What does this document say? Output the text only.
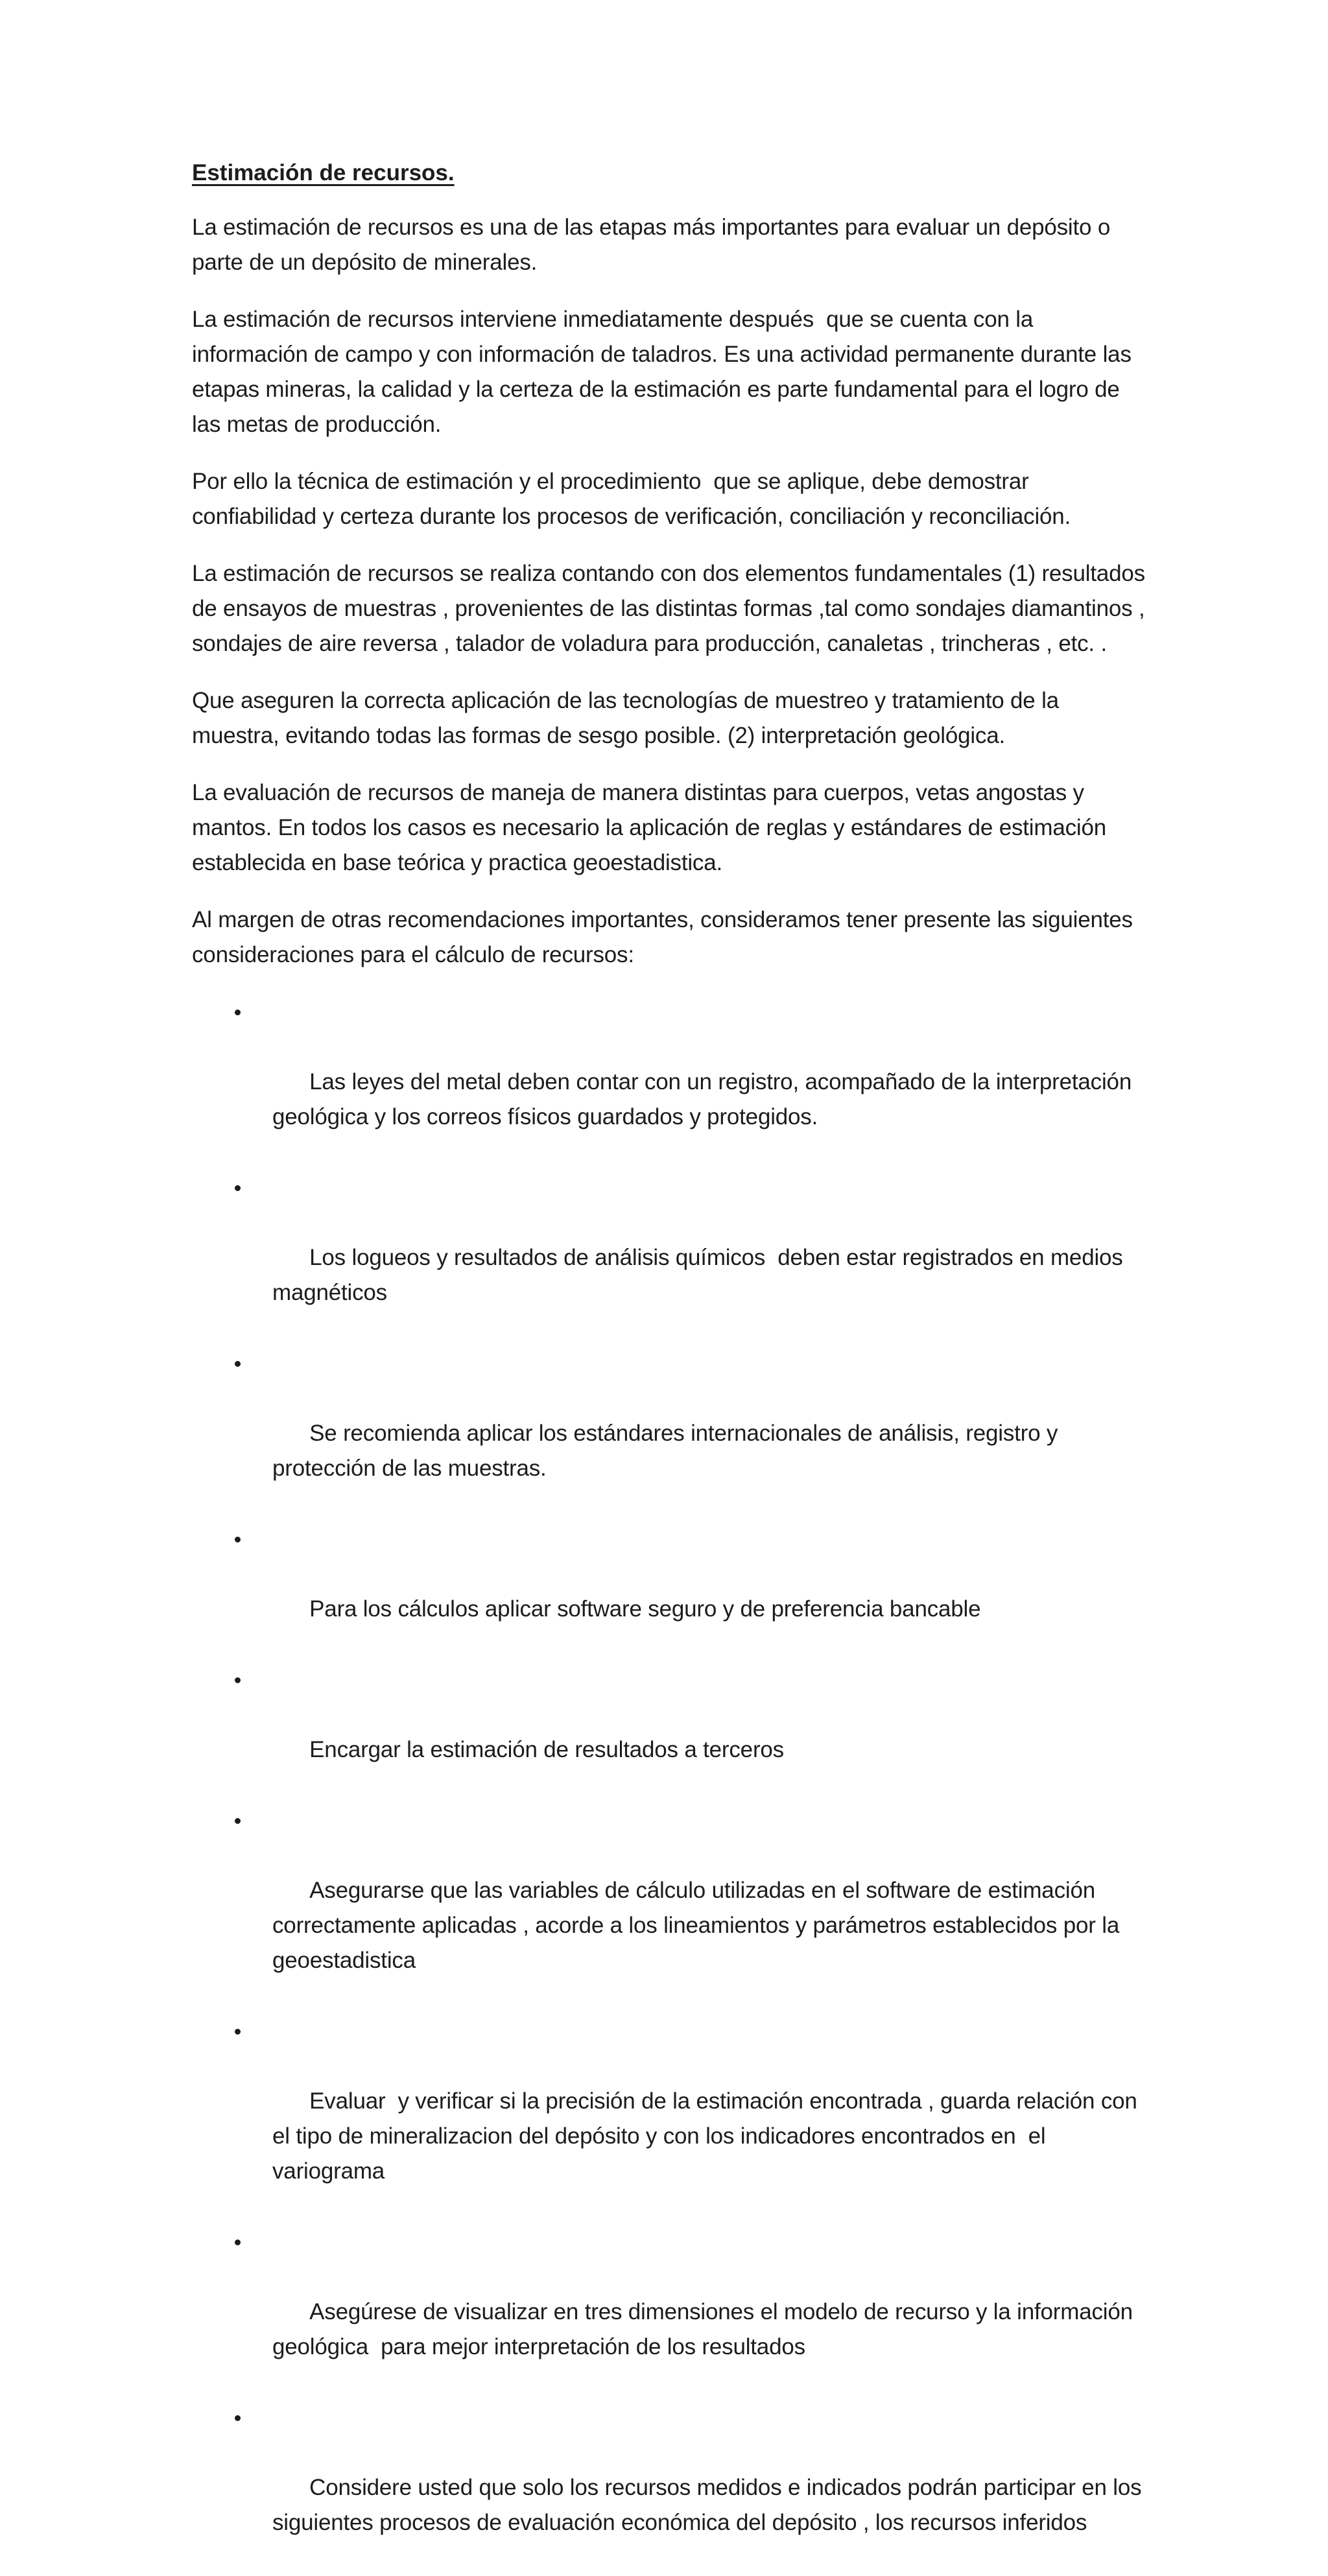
Estimación de recursos.

La estimación de recursos es una de las etapas más importantes para evaluar un depósito o parte de un depósito de minerales.

La estimación de recursos interviene inmediatamente después  que se cuenta con la información de campo y con información de taladros. Es una actividad permanente durante las etapas mineras, la calidad y la certeza de la estimación es parte fundamental para el logro de las metas de producción.

Por ello la técnica de estimación y el procedimiento  que se aplique, debe demostrar confiabilidad y certeza durante los procesos de verificación, conciliación y reconciliación.

La estimación de recursos se realiza contando con dos elementos fundamentales (1) resultados de ensayos de muestras , provenientes de las distintas formas ,tal como sondajes diamantinos , sondajes de aire reversa , talador de voladura para producción, canaletas , trincheras , etc. .

Que aseguren la correcta aplicación de las tecnologías de muestreo y tratamiento de la muestra, evitando todas las formas de sesgo posible. (2) interpretación geológica.

La evaluación de recursos de maneja de manera distintas para cuerpos, vetas angostas y mantos. En todos los casos es necesario la aplicación de reglas y estándares de estimación establecida en base teórica y practica geoestadistica.

Al margen de otras recomendaciones importantes, consideramos tener presente las siguientes consideraciones para el cálculo de recursos:

Las leyes del metal deben contar con un registro, acompañado de la interpretación geológica y los correos físicos guardados y protegidos.

Los logueos y resultados de análisis químicos  deben estar registrados en medios magnéticos

Se recomienda aplicar los estándares internacionales de análisis, registro y protección de las muestras.

Para los cálculos aplicar software seguro y de preferencia bancable

Encargar la estimación de resultados a terceros

Asegurarse que las variables de cálculo utilizadas en el software de estimación correctamente aplicadas , acorde a los lineamientos y parámetros establecidos por la geoestadistica

Evaluar  y verificar si la precisión de la estimación encontrada , guarda relación con el tipo de mineralizacion del depósito y con los indicadores encontrados en  el variograma

Asegúrese de visualizar en tres dimensiones el modelo de recurso y la información geológica  para mejor interpretación de los resultados

Considere usted que solo los recursos medidos e indicados podrán participar en los siguientes procesos de evaluación económica del depósito , los recursos inferidos
